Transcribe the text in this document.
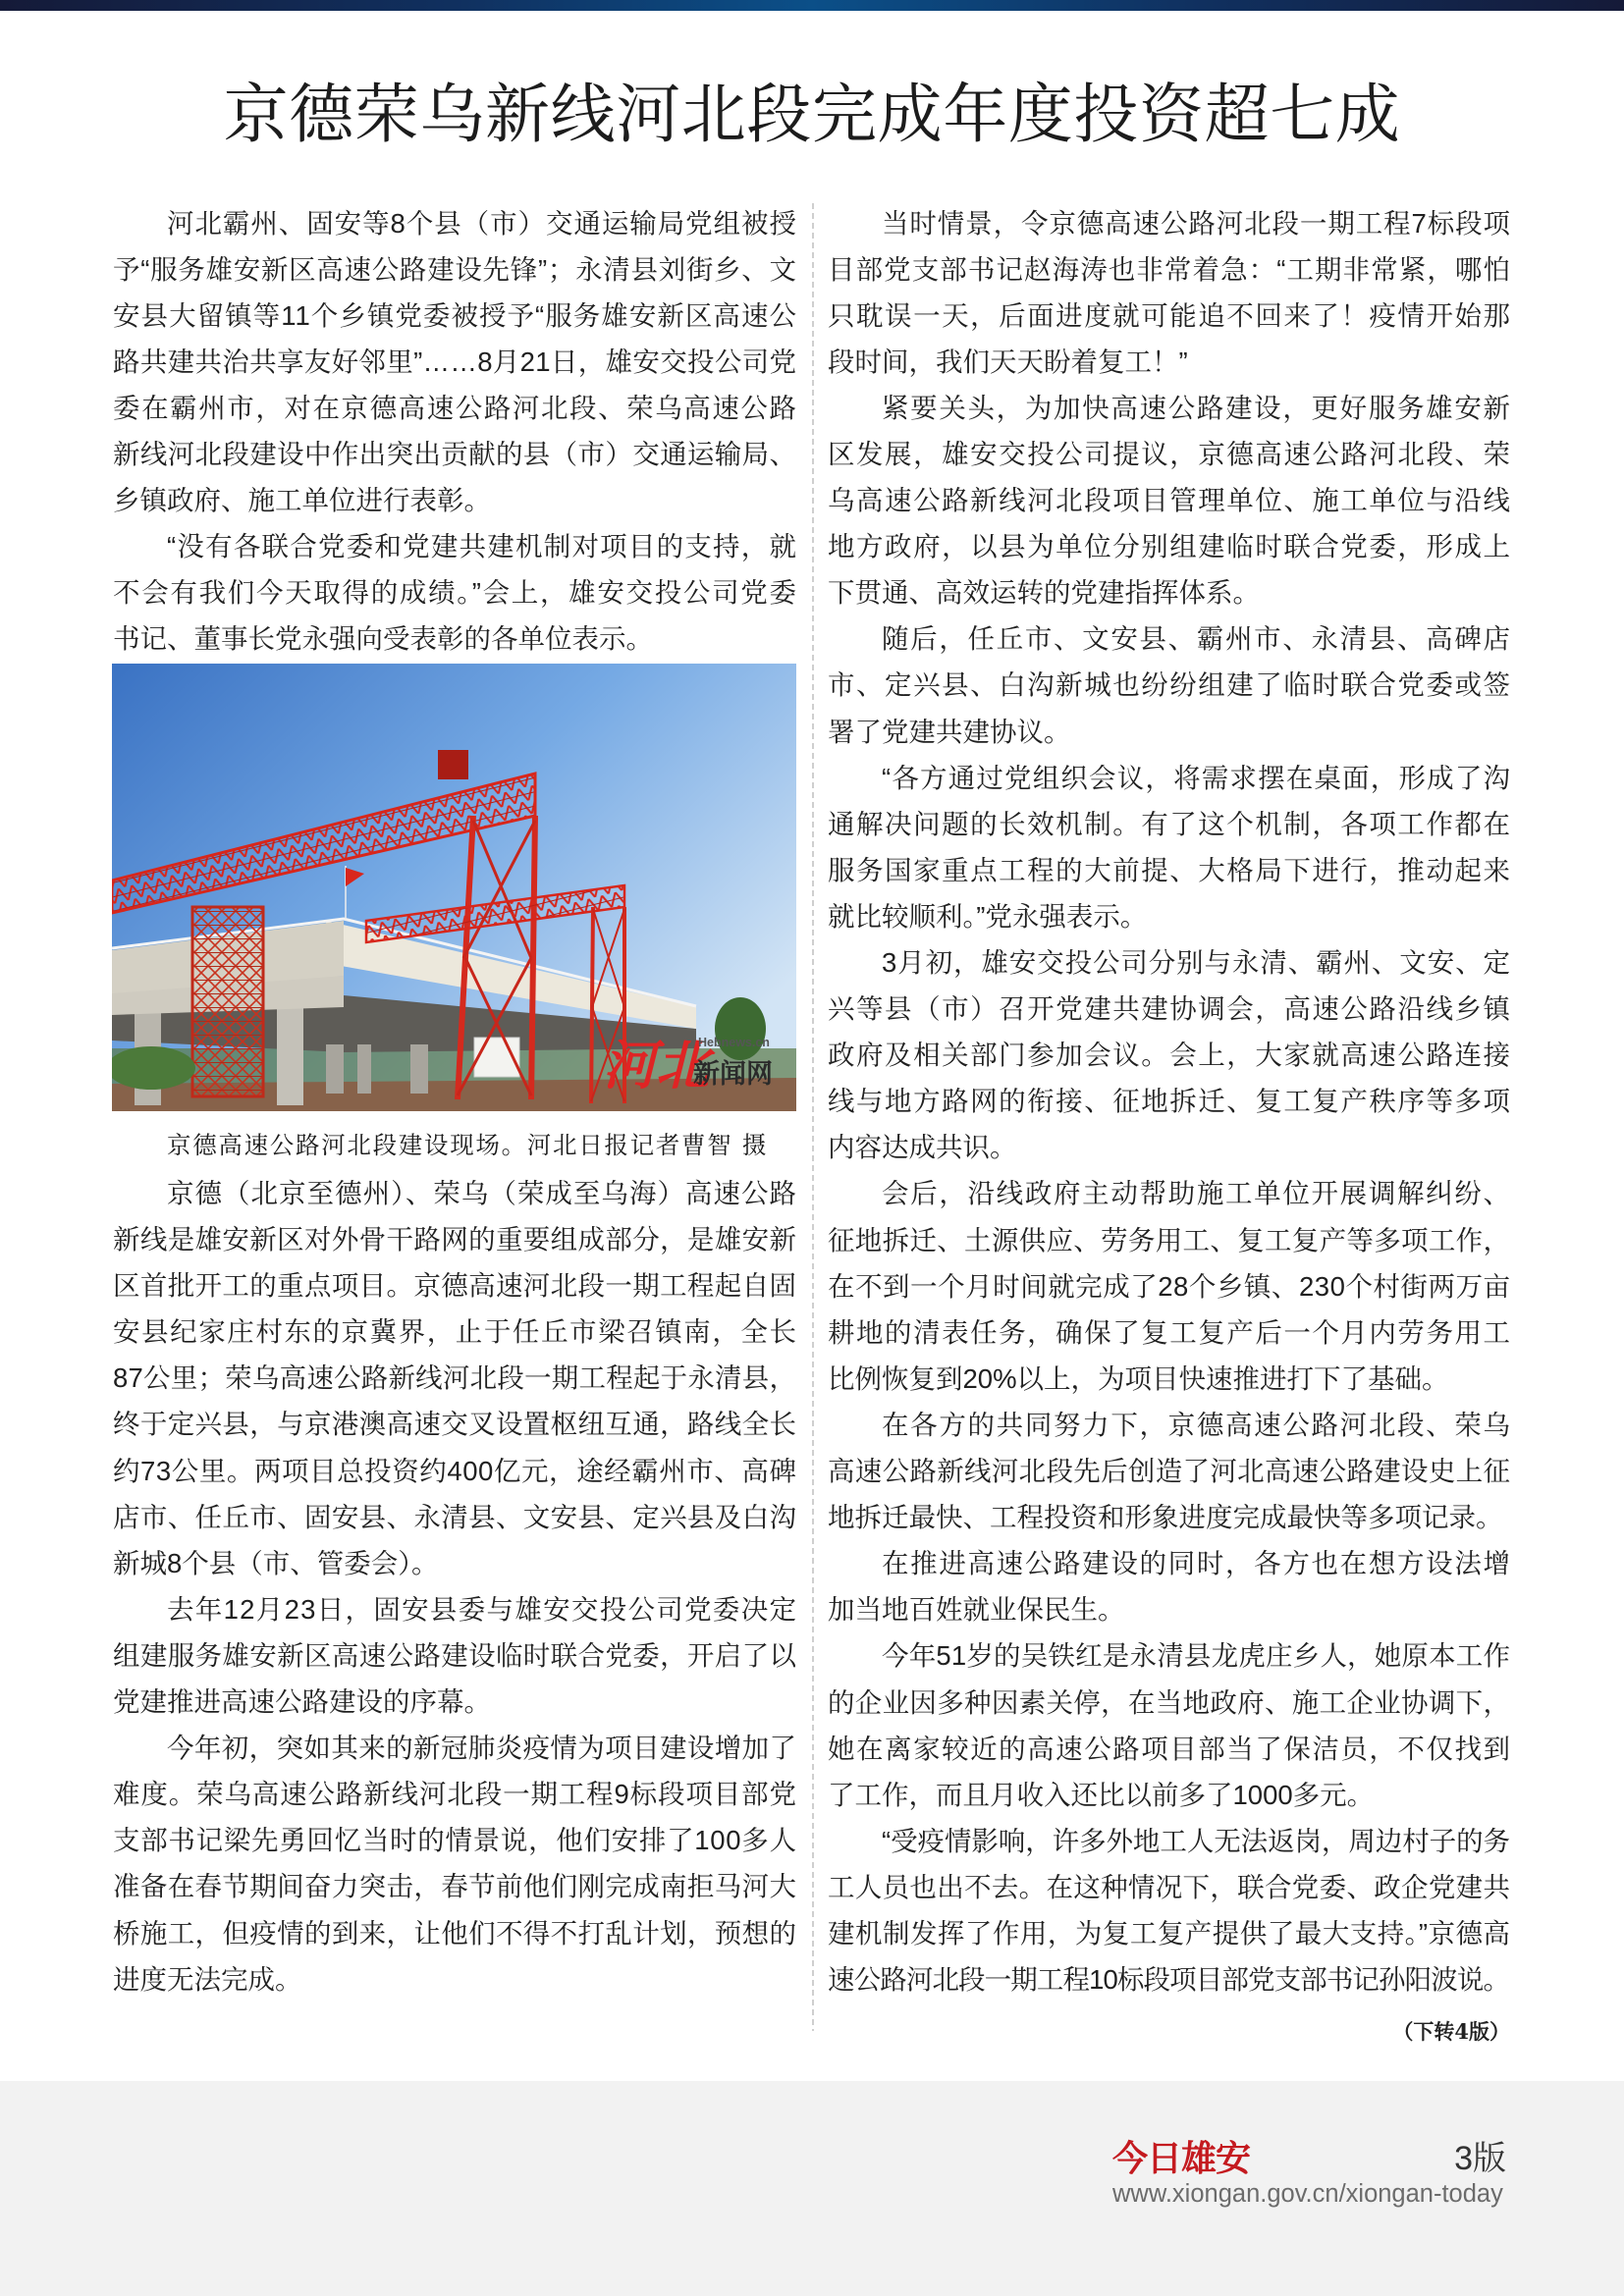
京德荣乌新线河北段完成年度投资超七成
河北霸州、固安等8个县（市）交通运输局党组被授
予“服务雄安新区高速公路建设先锋”；永清县刘街乡、文
安县大留镇等11个乡镇党委被授予“服务雄安新区高速公
路共建共治共享友好邻里”……8月21日，雄安交投公司党
委在霸州市，对在京德高速公路河北段、荣乌高速公路
新线河北段建设中作出突出贡献的县（市）交通运输局、
乡镇政府、施工单位进行表彰。
“没有各联合党委和党建共建机制对项目的支持，就
不会有我们今天取得的成绩。”会上，雄安交投公司党委
书记、董事长党永强向受表彰的各单位表示。
河北
Hebnews.cn
新闻网
京德高速公路河北段建设现场。河北日报记者曹智 摄
京德（北京至德州）、荣乌（荣成至乌海）高速公路
新线是雄安新区对外骨干路网的重要组成部分，是雄安新
区首批开工的重点项目。京德高速河北段一期工程起自固
安县纪家庄村东的京冀界，止于任丘市梁召镇南，全长
87公里；荣乌高速公路新线河北段一期工程起于永清县，
终于定兴县，与京港澳高速交叉设置枢纽互通，路线全长
约73公里。两项目总投资约400亿元，途经霸州市、高碑
店市、任丘市、固安县、永清县、文安县、定兴县及白沟
新城8个县（市、管委会）。
去年12月23日，固安县委与雄安交投公司党委决定
组建服务雄安新区高速公路建设临时联合党委，开启了以
党建推进高速公路建设的序幕。
今年初，突如其来的新冠肺炎疫情为项目建设增加了
难度。荣乌高速公路新线河北段一期工程9标段项目部党
支部书记梁先勇回忆当时的情景说，他们安排了100多人
准备在春节期间奋力突击，春节前他们刚完成南拒马河大
桥施工，但疫情的到来，让他们不得不打乱计划，预想的
进度无法完成。
当时情景，令京德高速公路河北段一期工程7标段项
目部党支部书记赵海涛也非常着急：“工期非常紧，哪怕
只耽误一天，后面进度就可能追不回来了！疫情开始那
段时间，我们天天盼着复工！”
紧要关头，为加快高速公路建设，更好服务雄安新
区发展，雄安交投公司提议，京德高速公路河北段、荣
乌高速公路新线河北段项目管理单位、施工单位与沿线
地方政府，以县为单位分别组建临时联合党委，形成上
下贯通、高效运转的党建指挥体系。
随后，任丘市、文安县、霸州市、永清县、高碑店
市、定兴县、白沟新城也纷纷组建了临时联合党委或签
署了党建共建协议。
“各方通过党组织会议，将需求摆在桌面，形成了沟
通解决问题的长效机制。有了这个机制，各项工作都在
服务国家重点工程的大前提、大格局下进行，推动起来
就比较顺利。”党永强表示。
3月初，雄安交投公司分别与永清、霸州、文安、定
兴等县（市）召开党建共建协调会，高速公路沿线乡镇
政府及相关部门参加会议。会上，大家就高速公路连接
线与地方路网的衔接、征地拆迁、复工复产秩序等多项
内容达成共识。
会后，沿线政府主动帮助施工单位开展调解纠纷、
征地拆迁、土源供应、劳务用工、复工复产等多项工作，
在不到一个月时间就完成了28个乡镇、230个村街两万亩
耕地的清表任务，确保了复工复产后一个月内劳务用工
比例恢复到20%以上，为项目快速推进打下了基础。
在各方的共同努力下，京德高速公路河北段、荣乌
高速公路新线河北段先后创造了河北高速公路建设史上征
地拆迁最快、工程投资和形象进度完成最快等多项记录。
在推进高速公路建设的同时，各方也在想方设法增
加当地百姓就业保民生。
今年51岁的吴铁红是永清县龙虎庄乡人，她原本工作
的企业因多种因素关停，在当地政府、施工企业协调下，
她在离家较近的高速公路项目部当了保洁员，不仅找到
了工作，而且月收入还比以前多了1000多元。
“受疫情影响，许多外地工人无法返岗，周边村子的务
工人员也出不去。在这种情况下，联合党委、政企党建共
建机制发挥了作用，为复工复产提供了最大支持。”京德高
速公路河北段一期工程10标段项目部党支部书记孙阳波说。
（下转4版）
今日雄安	3版
www.xiongan.gov.cn/xiongan-today
